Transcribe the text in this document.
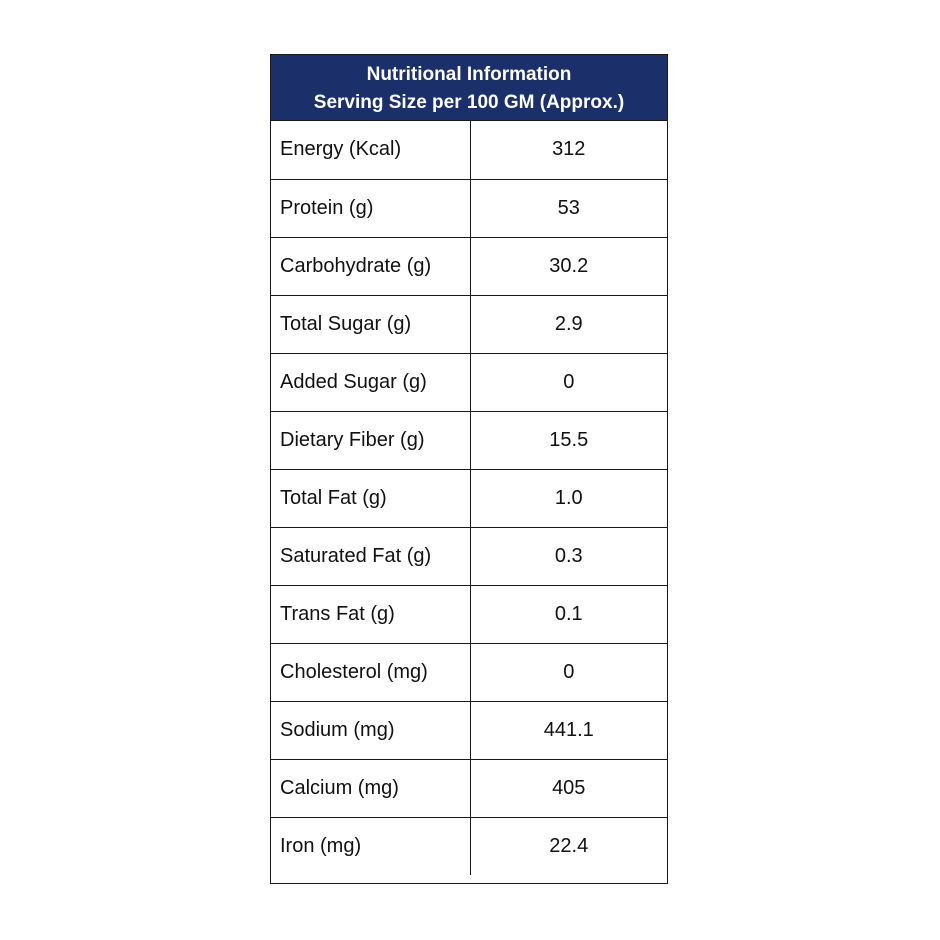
Nutritional Information
Serving Size per 100 GM (Approx.)
Energy (Kcal)	312
Protein (g)	53
Carbohydrate (g)	30.2
Total Sugar (g)	2.9
Added Sugar (g)	0
Dietary Fiber (g)	15.5
Total Fat (g)	1.0
Saturated Fat (g)	0.3
Trans Fat (g)	0.1
Cholesterol (mg)	0
Sodium (mg)	441.1
Calcium (mg)	405
Iron (mg)	22.4
